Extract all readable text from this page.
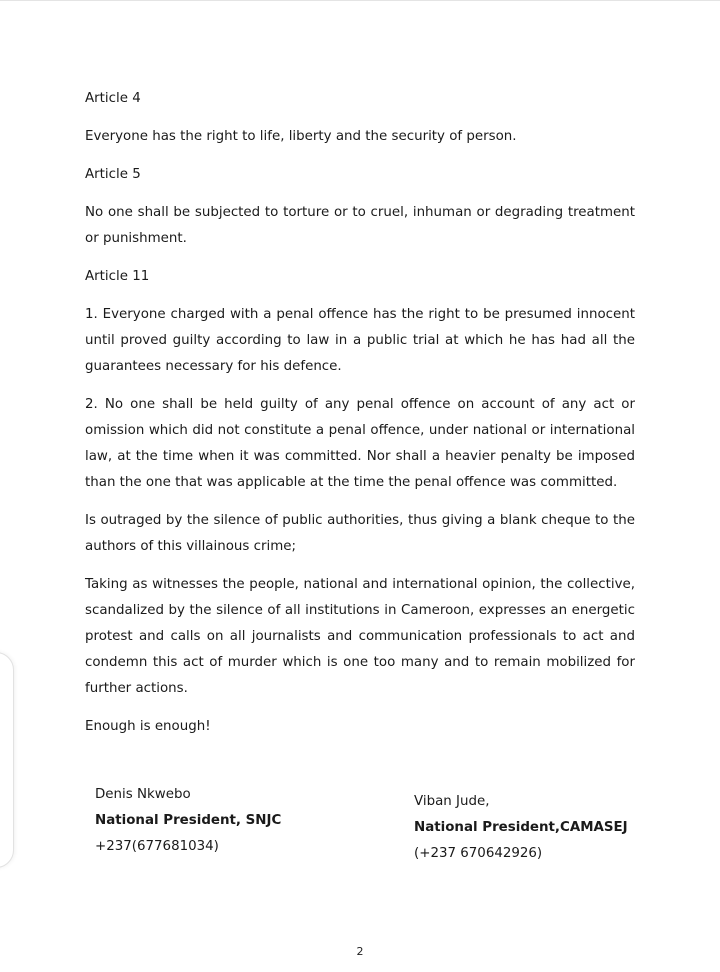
Article 4

Everyone has the right to life, liberty and the security of person.

Article 5

No one shall be subjected to torture or to cruel, inhuman or degrading treatment or punishment.

Article 11

1. Everyone charged with a penal offence has the right to be presumed innocent until proved guilty according to law in a public trial at which he has had all the guarantees necessary for his defence.

2. No one shall be held guilty of any penal offence on account of any act or omission which did not constitute a penal offence, under national or international law, at the time when it was committed. Nor shall a heavier penalty be imposed than the one that was applicable at the time the penal offence was committed.

Is outraged by the silence of public authorities, thus giving a blank cheque to the authors of this villainous crime;

Taking as witnesses the people, national and international opinion, the collective, scandalized by the silence of all institutions in Cameroon, expresses an energetic protest and calls on all journalists and communication professionals to act and condemn this act of murder which is one too many and to remain mobilized for further actions.

Enough is enough!

Denis Nkwebo
National President, SNJC
+237(677681034)
Viban Jude,
National President,CAMASEJ
(+237 670642926)
2
